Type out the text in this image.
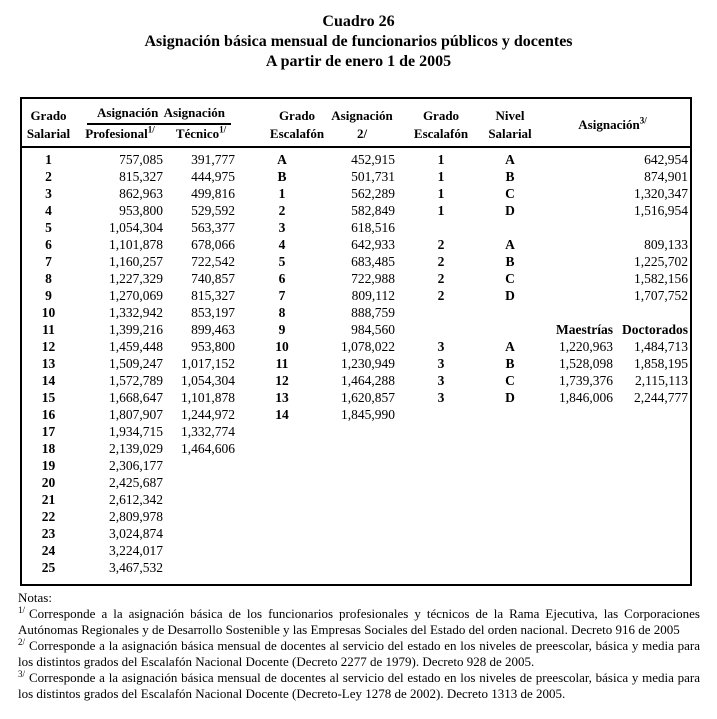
Cuadro 26
Asignación básica mensual de funcionarios públicos y docentes
A partir de enero 1 de 2005
Grado	Asignación Asignación		Grado	Asignación	Grado	Nivel	Asignación$^{3/}$
Salarial	Profesional$^{1/}$	Técnico$^{1/}$	Escalafón	2/	Escalafón	Salarial		
1	757,085	391,777	A	452,915	1	A		642,954
2	815,327	444,975	B	501,731	1	B		874,901
3	862,963	499,816	1	562,289	1	C		1,320,347
4	953,800	529,592	2	582,849	1	D		1,516,954
5	1,054,304	563,377	3	618,516				
6	1,101,878	678,066	4	642,933	2	A		809,133
7	1,160,257	722,542	5	683,485	2	B		1,225,702
8	1,227,329	740,857	6	722,988	2	C		1,582,156
9	1,270,069	815,327	7	809,112	2	D		1,707,752
10	1,332,942	853,197	8	888,759				
11	1,399,216	899,463	9	984,560			Maestrías	Doctorados
12	1,459,448	953,800	10	1,078,022	3	A	1,220,963	1,484,713
13	1,509,247	1,017,152	11	1,230,949	3	B	1,528,098	1,858,195
14	1,572,789	1,054,304	12	1,464,288	3	C	1,739,376	2,115,113
15	1,668,647	1,101,878	13	1,620,857	3	D	1,846,006	2,244,777
16	1,807,907	1,244,972	14	1,845,990				
17	1,934,715	1,332,774						
18	2,139,029	1,464,606						
19	2,306,177							
20	2,425,687							
21	2,612,342							
22	2,809,978							
23	3,024,874							
24	3,224,017							
25	3,467,532							
Notas:
$^{1/}$ Corresponde a la asignación básica de los funcionarios profesionales y técnicos de la Rama Ejecutiva, las Corporaciones Autónomas Regionales y de Desarrollo Sostenible y las Empresas Sociales del Estado del orden nacional. Decreto 916 de 2005
$^{2/}$ Corresponde a la asignación básica mensual de docentes al servicio del estado en los niveles de preescolar, básica y media para los distintos grados del Escalafón Nacional Docente (Decreto 2277 de 1979). Decreto 928 de 2005.
$^{3/}$ Corresponde a la asignación básica mensual de docentes al servicio del estado en los niveles de preescolar, básica y media para los distintos grados del Escalafón Nacional Docente (Decreto-Ley 1278 de 2002). Decreto 1313 de 2005.
